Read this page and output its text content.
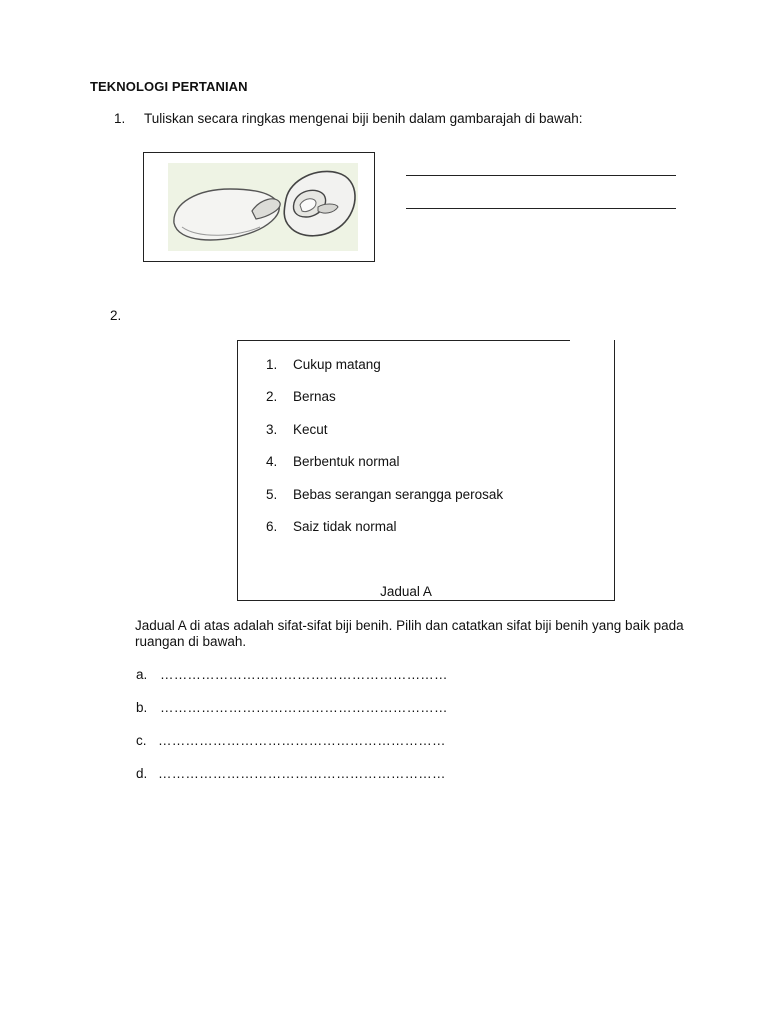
TEKNOLOGI PERTANIAN
1. Tuliskan secara ringkas mengenai biji benih dalam gambarajah di bawah:
2.
1. Cukup matang
2. Bernas
3. Kecut
4. Berbentuk normal
5. Bebas serangan serangga perosak
6. Saiz tidak normal
Jadual A
Jadual A di atas adalah sifat-sifat biji benih. Pilih dan catatkan sifat biji benih yang baik pada ruangan di bawah.
a. ………………………………………………………
b. ………………………………………………………
c. ………………………………………………………
d. ………………………………………………………
